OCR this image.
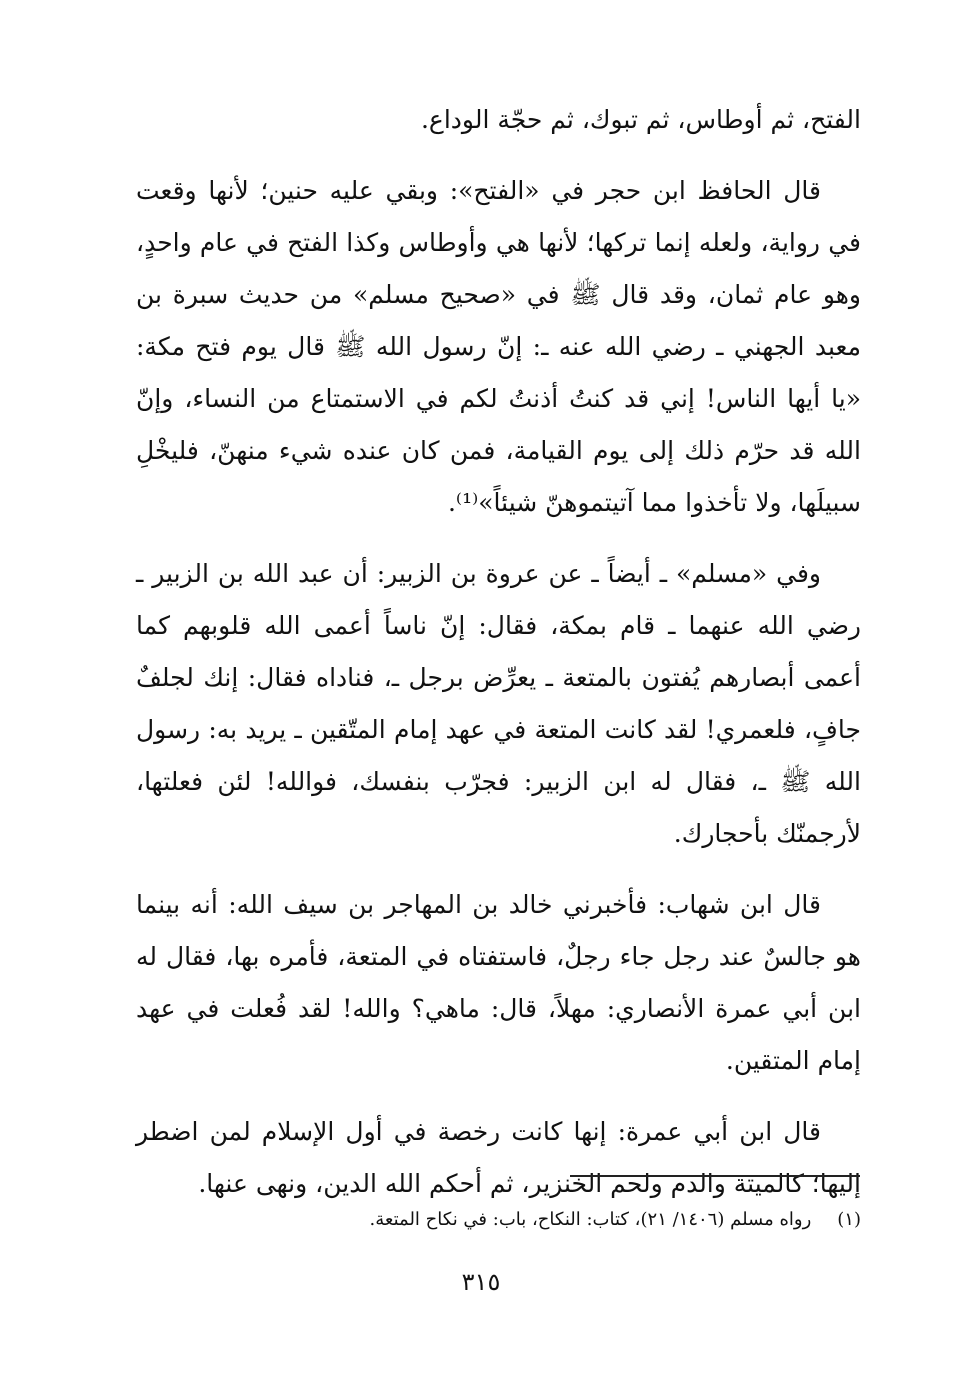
الفتح، ثم أوطاس، ثم تبوك، ثم حجّة الوداع.

قال الحافظ ابن حجر في «الفتح»: وبقي عليه حنين؛ لأنها وقعت في رواية، ولعله إنما تركها؛ لأنها هي وأوطاس وكذا الفتح في عام واحدٍ، وهو عام ثمان، وقد قال ﷺ في «صحيح مسلم» من حديث سبرة بن معبد الجهني ـ رضي الله عنه ـ: إنّ رسول الله ﷺ قال يوم فتح مكة: «يا أيها الناس! إني قد كنتُ أذنتُ لكم في الاستمتاع من النساء، وإنّ الله قد حرّم ذلك إلى يوم القيامة، فمن كان عنده شيء منهنّ، فليخْلِ سبيلَها، ولا تأخذوا مما آتيتموهنّ شيئاً»⁽¹⁾.

وفي «مسلم» ـ أيضاً ـ عن عروة بن الزبير: أن عبد الله بن الزبير ـ رضي الله عنهما ـ قام بمكة، فقال: إنّ ناساً أعمى الله قلوبهم كما أعمى أبصارهم يُفتون بالمتعة ـ يعرِّض برجل ـ، فناداه فقال: إنك لجلفٌ جافٍ، فلعمري! لقد كانت المتعة في عهد إمام المتّقين ـ يريد به: رسول الله ﷺ ـ، فقال له ابن الزبير: فجرّب بنفسك، فوالله! لئن فعلتها، لأرجمنّك بأحجارك.

قال ابن شهاب: فأخبرني خالد بن المهاجر بن سيف الله: أنه بينما هو جالسٌ عند رجل جاء رجلٌ، فاستفتاه في المتعة، فأمره بها، فقال له ابن أبي عمرة الأنصاري: مهلاً، قال: ماهي؟ والله! لقد فُعلت في عهد إمام المتقين.

قال ابن أبي عمرة: إنها كانت رخصة في أول الإسلام لمن اضطر إليها؛ كالميتة والدم ولحم الخنزير، ثم أحكم الله الدين، ونهى عنها.

(١)رواه مسلم (١٤٠٦/ ٢١)، كتاب: النكاح، باب: في نكاح المتعة.
٣١٥
